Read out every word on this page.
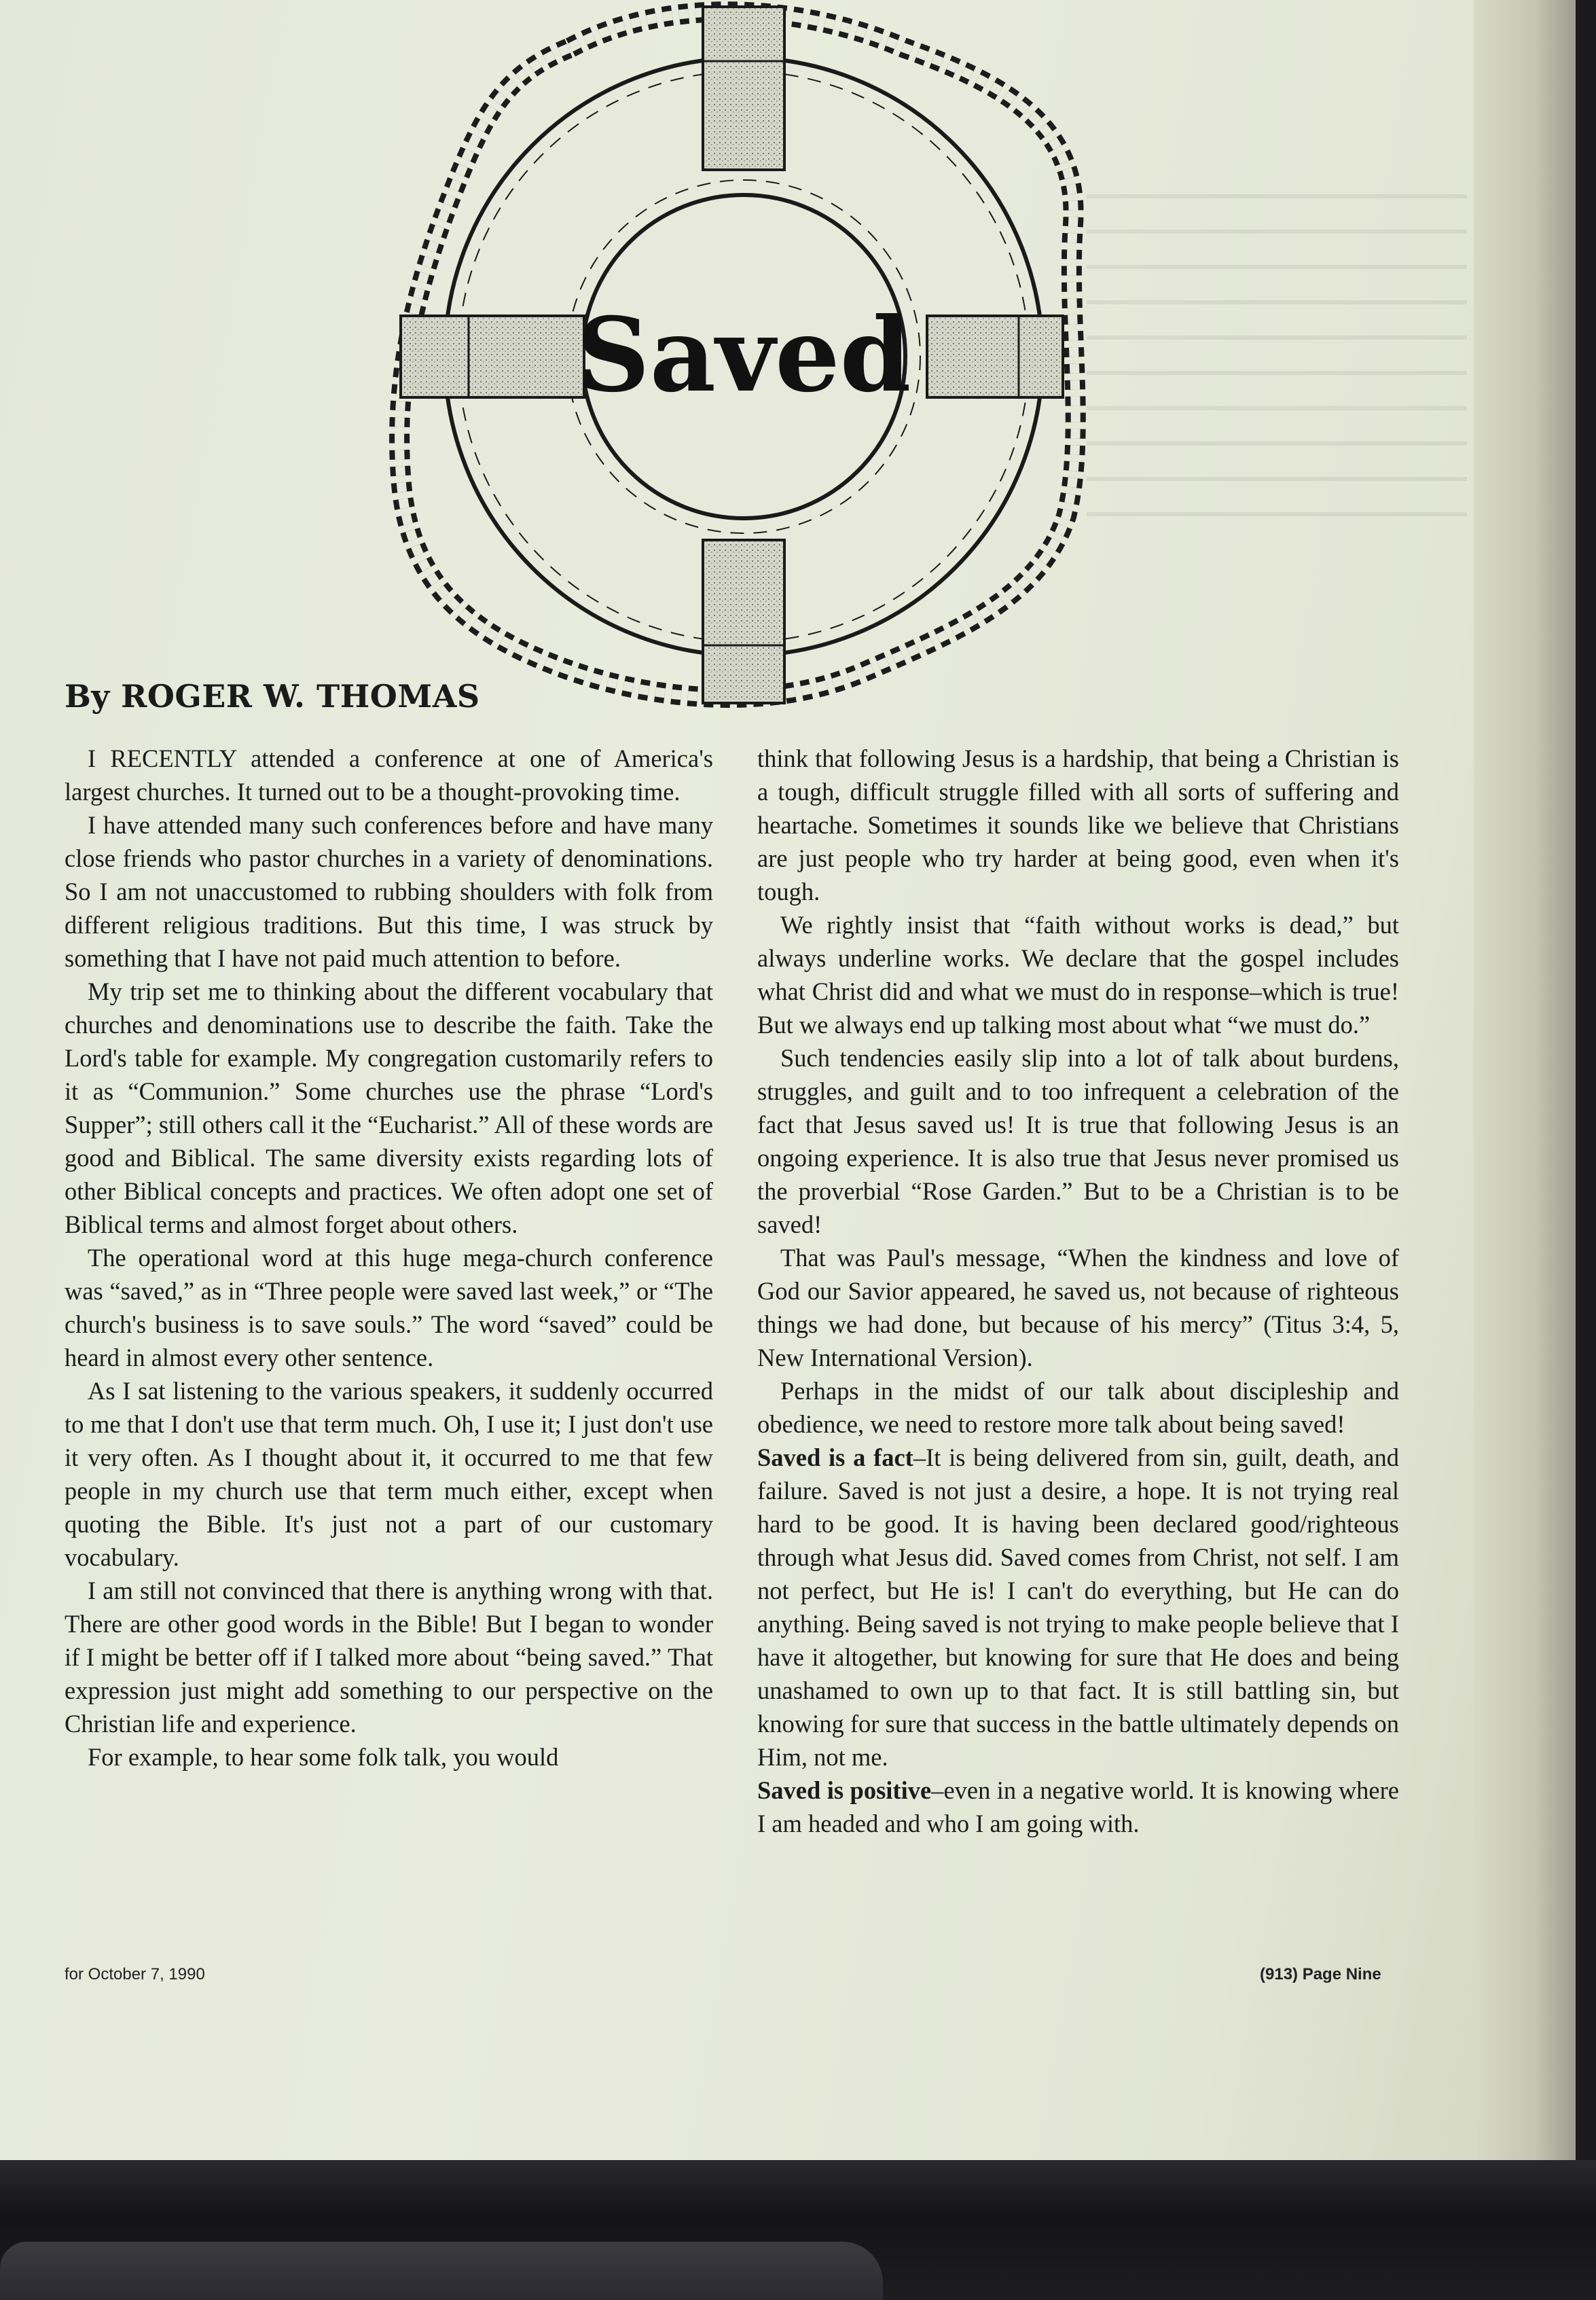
Saved
By ROGER W. THOMAS

I RECENTLY attended a conference at one of America's largest churches. It turned out to be a thought-provoking time.

I have attended many such conferences before and have many close friends who pastor churches in a variety of denominations. So I am not unaccustomed to rubbing shoulders with folk from different religious traditions. But this time, I was struck by something that I have not paid much attention to before.

My trip set me to thinking about the different vocabulary that churches and denominations use to describe the faith. Take the Lord's table for example. My congregation customarily refers to it as “Communion.” Some churches use the phrase “Lord's Supper”; still others call it the “Eucharist.” All of these words are good and Biblical. The same diversity exists regarding lots of other Biblical concepts and practices. We often adopt one set of Biblical terms and almost forget about others.

The operational word at this huge mega-church conference was “saved,” as in “Three people were saved last week,” or “The church's business is to save souls.” The word “saved” could be heard in almost every other sentence.

As I sat listening to the various speakers, it suddenly occurred to me that I don't use that term much. Oh, I use it; I just don't use it very often. As I thought about it, it occurred to me that few people in my church use that term much either, except when quoting the Bible. It's just not a part of our customary vocabulary.

I am still not convinced that there is anything wrong with that. There are other good words in the Bible! But I began to wonder if I might be better off if I talked more about “being saved.” That expression just might add something to our perspective on the Christian life and experience.

For example, to hear some folk talk, you would

think that following Jesus is a hardship, that being a Christian is a tough, difficult struggle filled with all sorts of suffering and heartache. Sometimes it sounds like we believe that Christians are just people who try harder at being good, even when it's tough.

We rightly insist that “faith without works is dead,” but always underline works. We declare that the gospel includes what Christ did and what we must do in response–which is true! But we always end up talking most about what “we must do.”

Such tendencies easily slip into a lot of talk about burdens, struggles, and guilt and to too infrequent a celebration of the fact that Jesus saved us! It is true that following Jesus is an ongoing experience. It is also true that Jesus never promised us the proverbial “Rose Garden.” But to be a Christian is to be saved!

That was Paul's message, “When the kindness and love of God our Savior appeared, he saved us, not because of righteous things we had done, but because of his mercy” (Titus 3:4, 5, New International Version).

Perhaps in the midst of our talk about discipleship and obedience, we need to restore more talk about being saved!

Saved is a fact–It is being delivered from sin, guilt, death, and failure. Saved is not just a desire, a hope. It is not trying real hard to be good. It is having been declared good/righteous through what Jesus did. Saved comes from Christ, not self. I am not perfect, but He is! I can't do everything, but He can do anything. Being saved is not trying to make people believe that I have it altogether, but knowing for sure that He does and being unashamed to own up to that fact. It is still battling sin, but knowing for sure that success in the battle ultimately depends on Him, not me.

Saved is positive–even in a negative world. It is knowing where I am headed and who I am going with.

for October 7, 1990	(913) Page Nine
